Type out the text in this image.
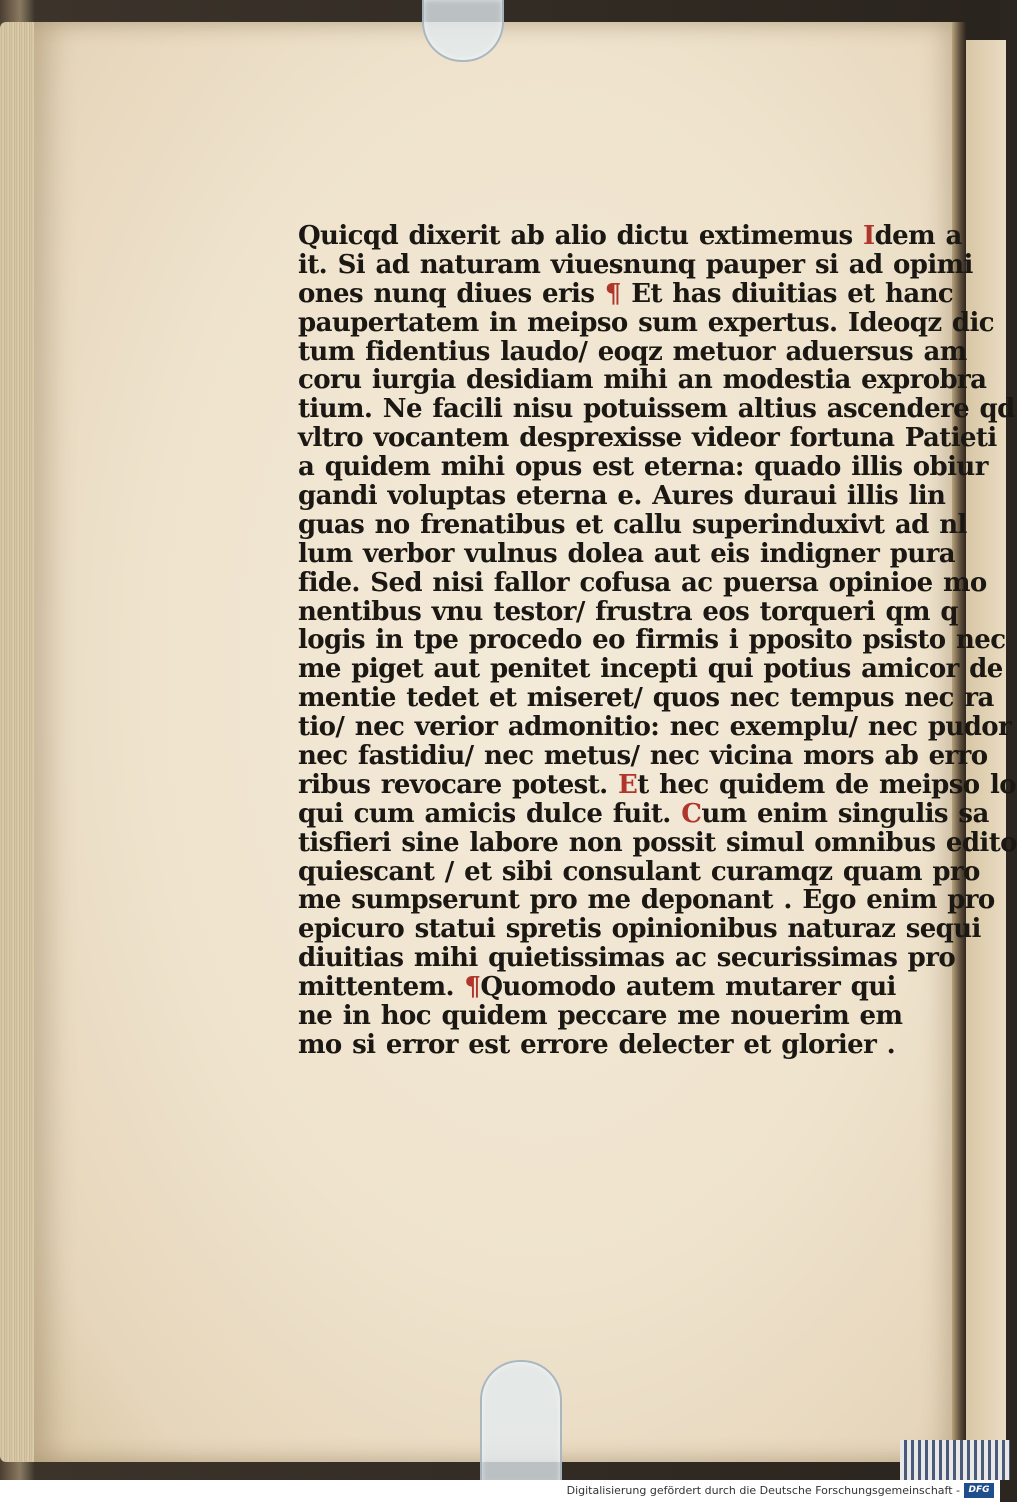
Quicqd dixerit ab alio dictu extimemus Idem a
it. Si ad naturam viuesnunq pauper si ad opimi
ones nunq diues eris ¶ Et has diuitias et hanc
paupertatem in meipso sum expertus. Ideoqz dic
tum fidentius laudo/ eoqz metuor aduersus am
coru iurgia desidiam mihi an modestia exprobra
tium. Ne facili nisu potuissem altius ascendere qd
vltro vocantem desprexisse videor fortuna Patieti
a quidem mihi opus est eterna: quado illis obiur
gandi voluptas eterna e. Aures duraui illis lin
guas no frenatibus et callu superinduxivt ad nl
lum verbor vulnus dolea aut eis indigner pura
fide. Sed nisi fallor cofusa ac puersa opinioe mo
nentibus vnu testor/ frustra eos torqueri qm q
logis in tpe procedo eo firmis i pposito psisto nec
me piget aut penitet incepti qui potius amicor de
mentie tedet et miseret/ quos nec tempus nec ra
tio/ nec verior admonitio: nec exemplu/ nec pudor
nec fastidiu/ nec metus/ nec vicina mors ab erro
ribus revocare potest. Et hec quidem de meipso lo
qui cum amicis dulce fuit. Cum enim singulis sa
tisfieri sine labore non possit simul omnibus edito
quiescant / et sibi consulant curamqz quam pro
me sumpserunt pro me deponant . Ego enim pro
epicuro statui spretis opinionibus naturaz sequi
diuitias mihi quietissimas ac securissimas pro
mittentem. ¶Quomodo autem mutarer qui
ne in hoc quidem peccare me nouerim em
mo si error est errore delecter et glorier .
Digitalisierung gefördert durch die Deutsche Forschungsgemeinschaft - DFG
